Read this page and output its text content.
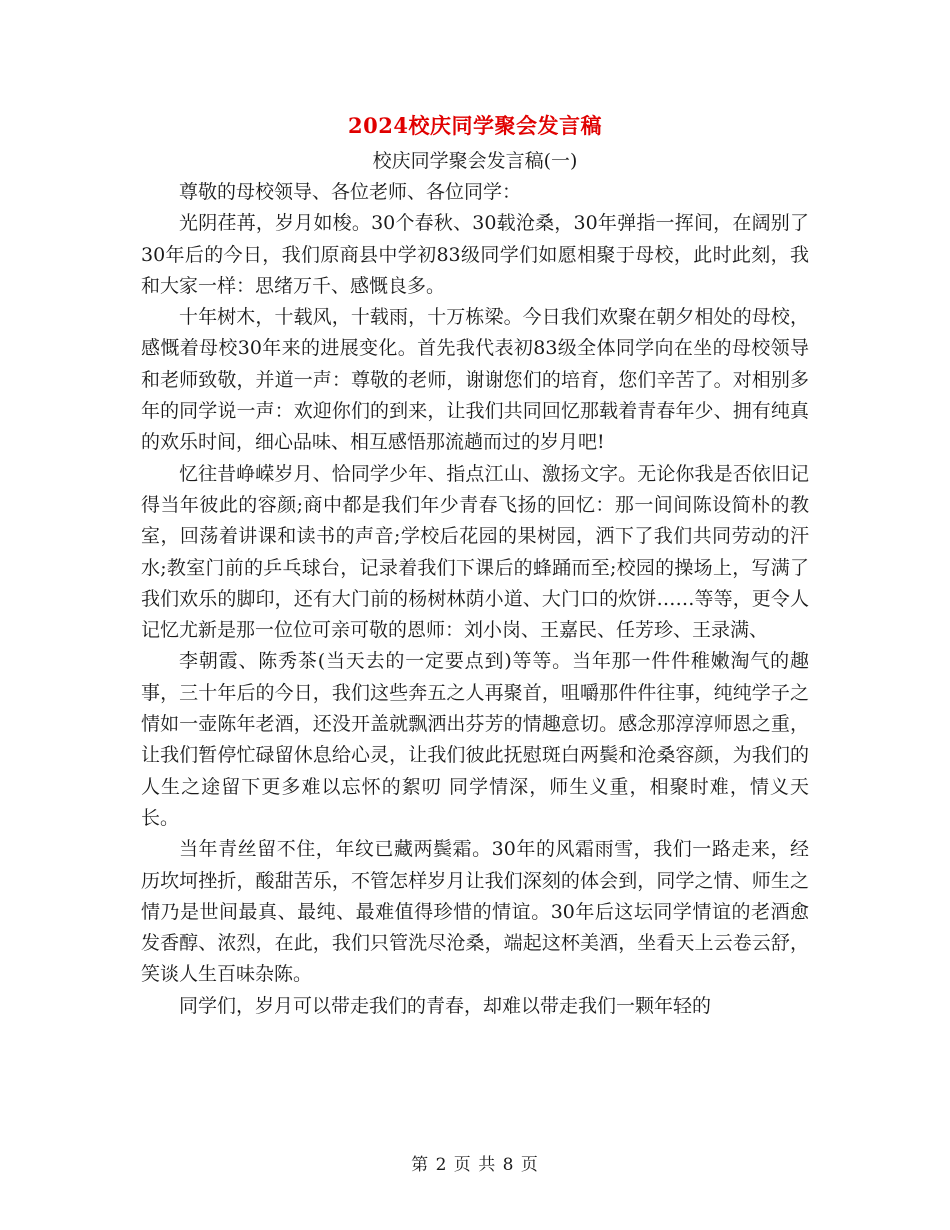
2024校庆同学聚会发言稿
校庆同学聚会发言稿(一)

尊敬的母校领导、各位老师、各位同学：

光阴荏苒，岁月如梭。30个春秋、30载沧桑，30年弹指一挥间，在阔别了30年后的今日，我们原商县中学初83级同学们如愿相聚于母校，此时此刻，我和大家一样：思绪万千、感慨良多。

十年树木，十载风，十载雨，十万栋梁。今日我们欢聚在朝夕相处的母校，感慨着母校30年来的进展变化。首先我代表初83级全体同学向在坐的母校领导和老师致敬，并道一声：尊敬的老师，谢谢您们的培育，您们辛苦了。对相别多年的同学说一声：欢迎你们的到来，让我们共同回忆那载着青春年少、拥有纯真的欢乐时间，细心品味、相互感悟那流趟而过的岁月吧!

忆往昔峥嵘岁月、恰同学少年、指点江山、激扬文字。无论你我是否依旧记得当年彼此的容颜;商中都是我们年少青春飞扬的回忆：那一间间陈设简朴的教室，回荡着讲课和读书的声音;学校后花园的果树园，洒下了我们共同劳动的汗水;教室门前的乒乓球台，记录着我们下课后的蜂踊而至;校园的操场上，写满了我们欢乐的脚印，还有大门前的杨树林荫小道、大门口的炊饼……等等，更令人记忆尤新是那一位位可亲可敬的恩师：刘小岗、王嘉民、任芳珍、王录满、

李朝霞、陈秀茶(当天去的一定要点到)等等。当年那一件件稚嫩淘气的趣事，三十年后的今日，我们这些奔五之人再聚首，咀嚼那件件往事，纯纯学子之情如一壶陈年老酒，还没开盖就飘洒出芬芳的情趣意切。感念那淳淳师恩之重，让我们暂停忙碌留休息给心灵，让我们彼此抚慰斑白两鬓和沧桑容颜，为我们的人生之途留下更多难以忘怀的絮叨 同学情深，师生义重，相聚时难，情义天长。

当年青丝留不住，年纹已藏两鬓霜。30年的风霜雨雪，我们一路走来，经历坎坷挫折，酸甜苦乐，不管怎样岁月让我们深刻的体会到，同学之情、师生之情乃是世间最真、最纯、最难值得珍惜的情谊。30年后这坛同学情谊的老酒愈发香醇、浓烈，在此，我们只管洗尽沧桑，端起这杯美酒，坐看天上云卷云舒，笑谈人生百味杂陈。

同学们，岁月可以带走我们的青春，却难以带走我们一颗年轻的

第 2 页 共 8 页
